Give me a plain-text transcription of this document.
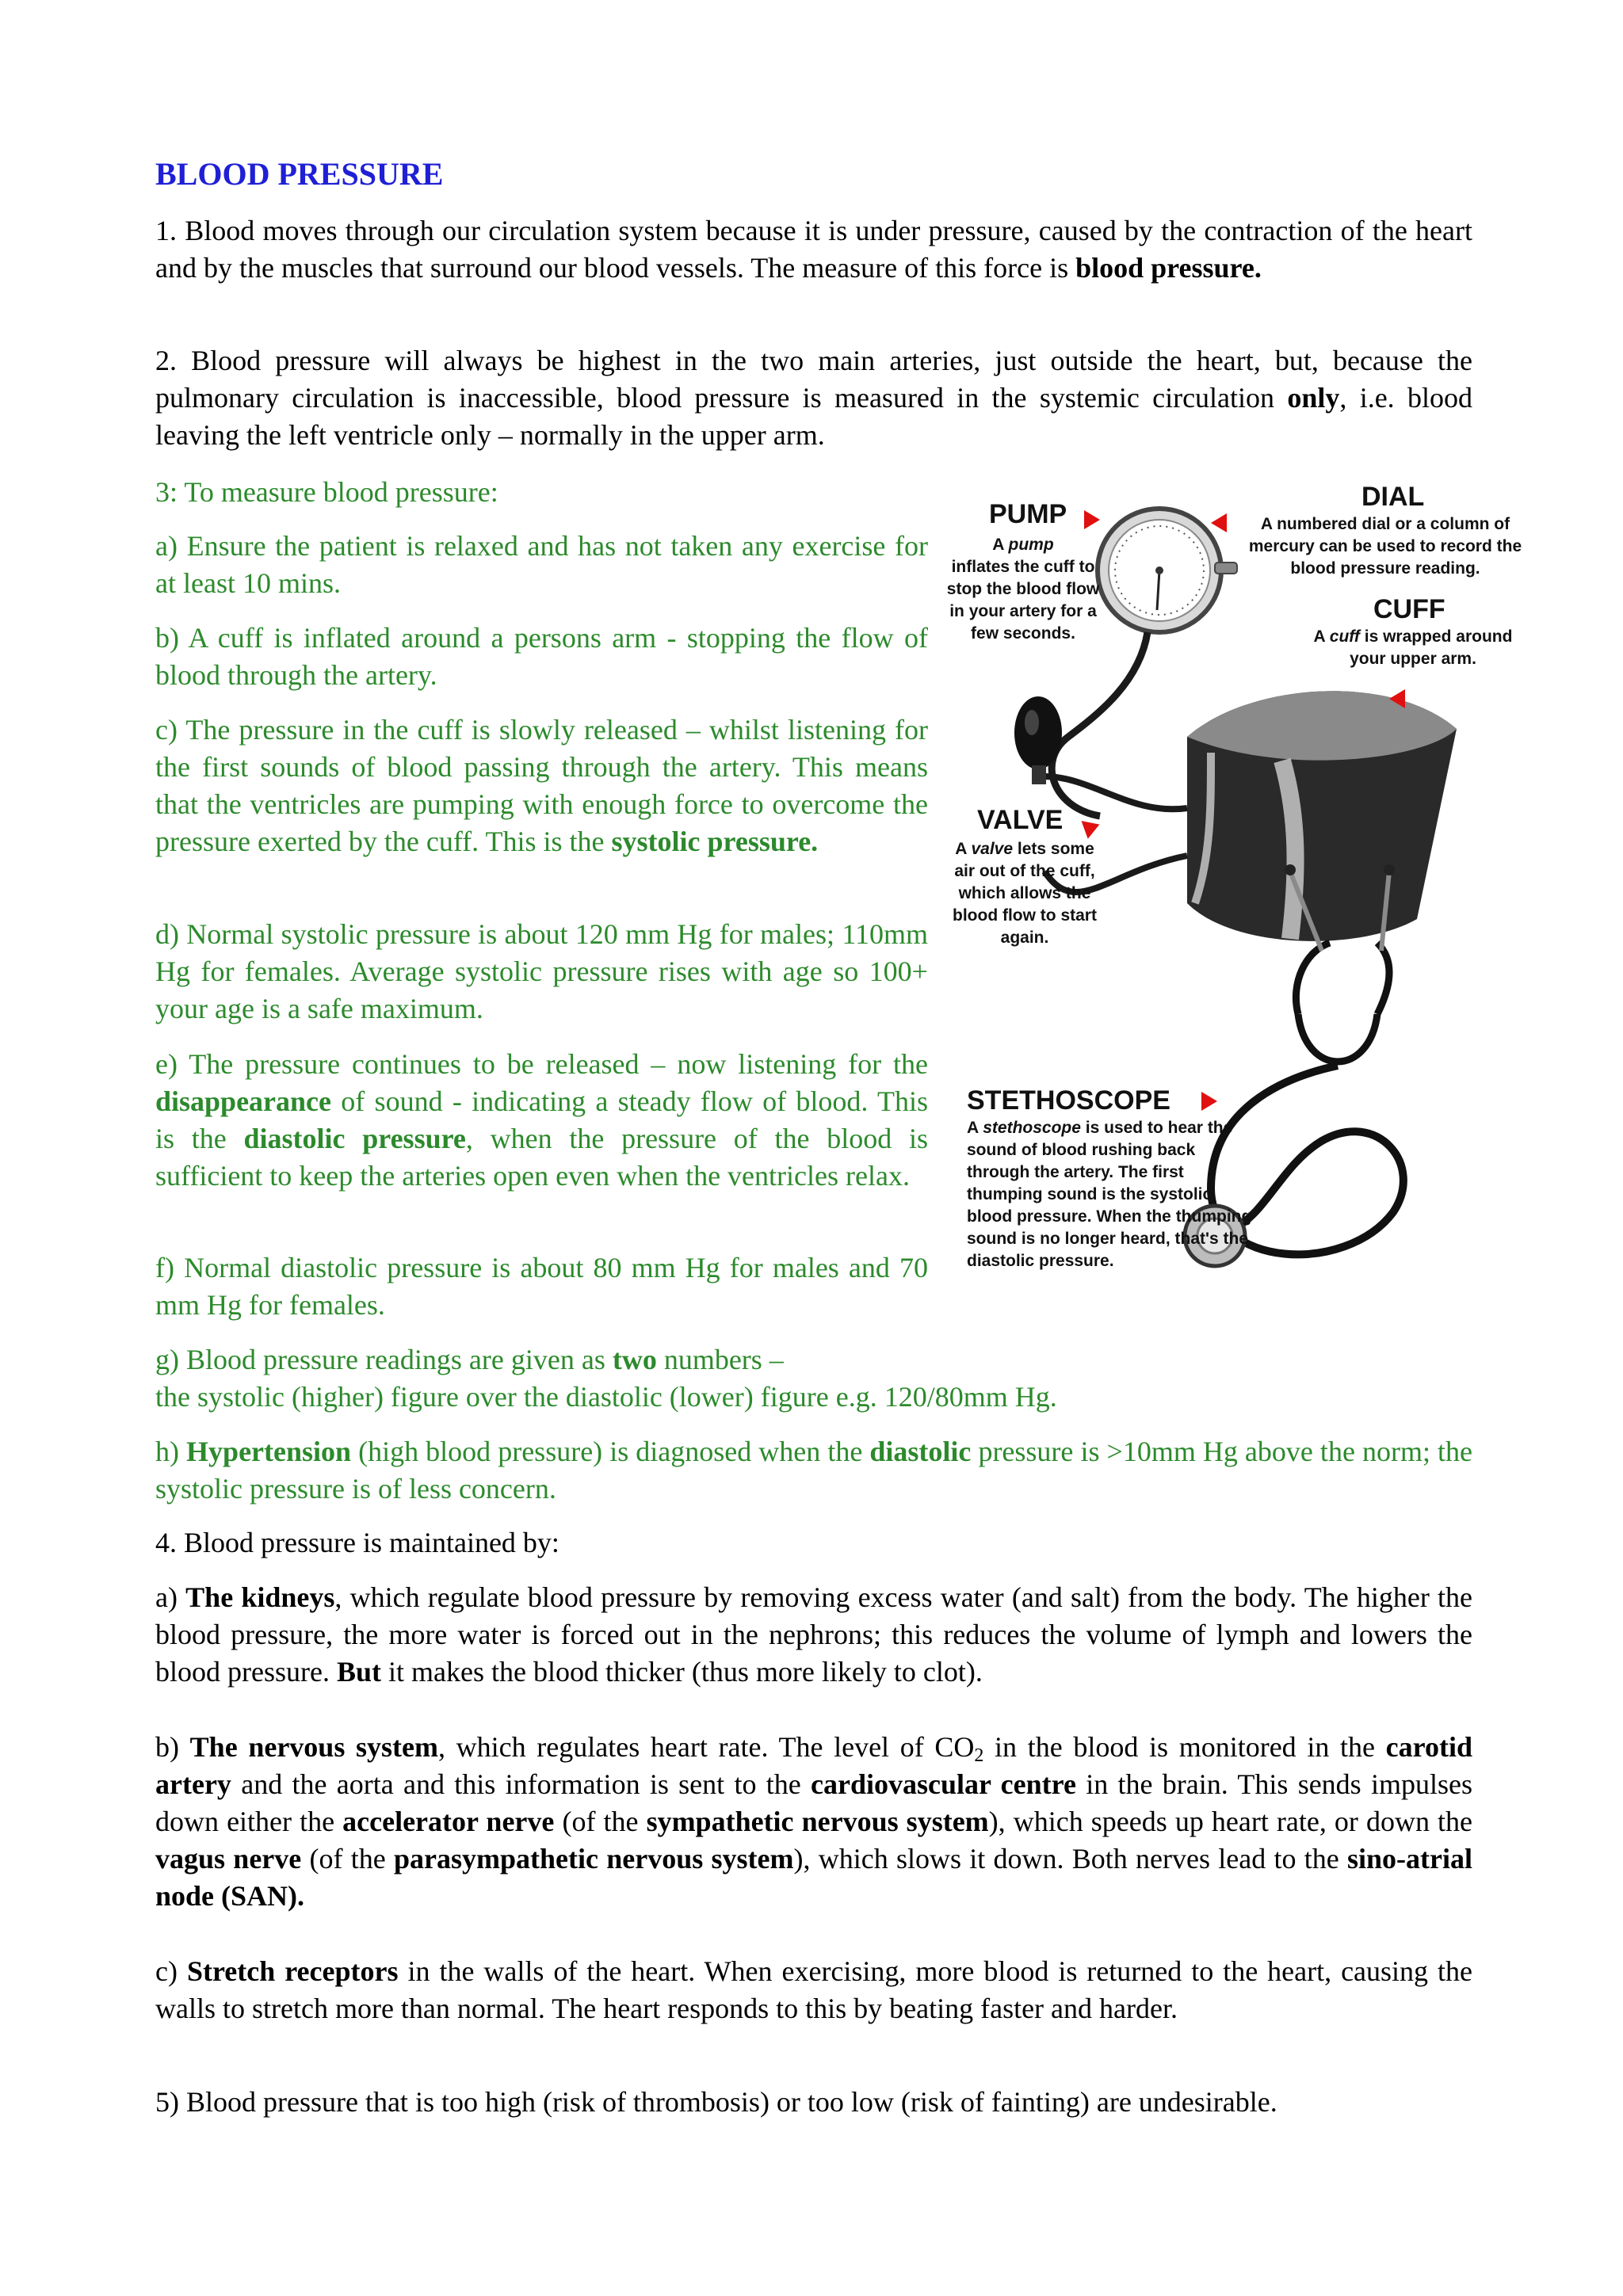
BLOOD PRESSURE
1. Blood moves through our circulation system because it is under pressure, caused by the contraction of the heart and by the muscles that surround our blood vessels. The measure of this force is blood pressure.
2. Blood pressure will always be highest in the two main arteries, just outside the heart, but, because the pulmonary circulation is inaccessible, blood pressure is measured in the systemic circulation only, i.e. blood leaving the left ventricle only – normally in the upper arm.
3: To measure blood pressure:
a) Ensure the patient is relaxed and has not taken any exercise for at least 10 mins.
b) A cuff is inflated around a persons arm - stopping the flow of blood through the artery.
c) The pressure in the cuff is slowly released – whilst listening for the first sounds of blood passing through the artery. This means that the ventricles are pumping with enough force to overcome the pressure exerted by the cuff. This is the systolic pressure.
d) Normal systolic pressure is about 120 mm Hg for males; 110mm Hg for females. Average systolic pressure rises with age so 100+ your age is a safe maximum.
e) The pressure continues to be released – now listening for the disappearance of sound - indicating a steady flow of blood. This is the diastolic pressure, when the pressure of the blood is sufficient to keep the arteries open even when the ventricles relax.
f) Normal diastolic pressure is about 80 mm Hg for males and 70 mm Hg for females.
g) Blood pressure readings are given as two numbers –
the systolic (higher) figure over the diastolic (lower) figure e.g. 120/80mm Hg.
h) Hypertension (high blood pressure) is diagnosed when the diastolic pressure is >10mm Hg above the norm; the systolic pressure is of less concern.
4. Blood pressure is maintained by:
a) The kidneys, which regulate blood pressure by removing excess water (and salt) from the body. The higher the blood pressure, the more water is forced out in the nephrons; this reduces the volume of lymph and lowers the blood pressure. But it makes the blood thicker (thus more likely to clot).
b) The nervous system, which regulates heart rate. The level of $CO_2$ in the blood is monitored in the carotid artery and the aorta and this information is sent to the cardiovascular centre in the brain. This sends impulses down either the accelerator nerve (of the sympathetic nervous system), which speeds up heart rate, or down the vagus nerve (of the parasympathetic nervous system), which slows it down. Both nerves lead to the sino-atrial node (SAN).
c) Stretch receptors in the walls of the heart. When exercising, more blood is returned to the heart, causing the walls to stretch more than normal. The heart responds to this by beating faster and harder.
5) Blood pressure that is too high (risk of thrombosis) or too low (risk of fainting) are undesirable.
PUMP
A pump
inflates the cuff to stop the blood flow in your artery for a few seconds.
DIAL
A numbered dial or a column of mercury can be used to record the blood pressure reading.
CUFF
A cuff is wrapped around your upper arm.
VALVE
A valve lets some air out of the cuff, which allows the blood flow to start again.
STETHOSCOPE
A stethoscope is used to hear the sound of blood rushing back through the artery. The first thumping sound is the systolic blood pressure. When the thumping sound is no longer heard, that's the diastolic pressure.
